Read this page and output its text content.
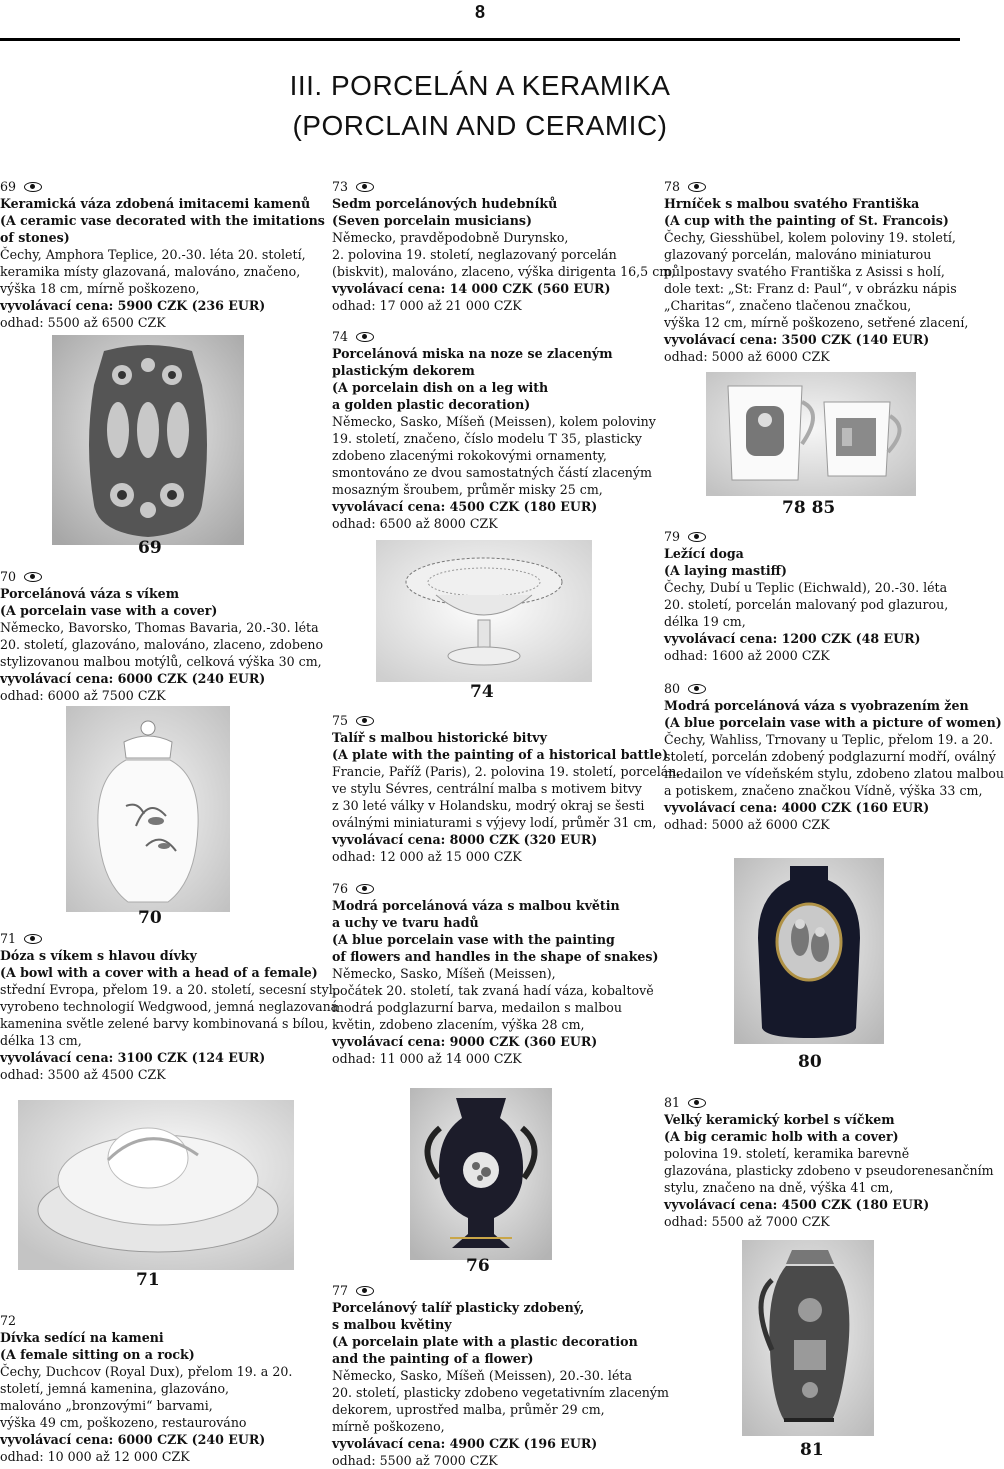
8
III. PORCELÁN A KERAMIKA
(PORCLAIN AND CERAMIC)
69
Keramická váza zdobená imitacemi kamenů
(A ceramic vase decorated with the imitations
of stones)
Čechy, Amphora Teplice, 20.-30. léta 20. století,
keramika místy glazovaná, malováno, značeno,
výška 18 cm, mírně poškozeno,
vyvolávací cena: 5900 CZK (236 EUR)
odhad: 5500 až 6500 CZK
69
70
Porcelánová váza s víkem
(A porcelain vase with a cover)
Německo, Bavorsko, Thomas Bavaria, 20.-30. léta
20. století, glazováno, malováno, zlaceno, zdobeno
stylizovanou malbou motýlů, celková výška 30 cm,
vyvolávací cena: 6000 CZK (240 EUR)
odhad: 6000 až 7500 CZK
70
71
Dóza s víkem s hlavou dívky
(A bowl with a cover with a head of a female)
střední Evropa, přelom 19. a 20. století, secesní styl,
vyrobeno technologií Wedgwood, jemná neglazovaná
kamenina světle zelené barvy kombinovaná s bílou,
délka 13 cm,
vyvolávací cena: 3100 CZK (124 EUR)
odhad: 3500 až 4500 CZK
71
72
Dívka sedící na kameni
(A female sitting on a rock)
Čechy, Duchcov (Royal Dux), přelom 19. a 20.
století, jemná kamenina, glazováno,
malováno „bronzovými“ barvami,
výška 49 cm, poškozeno, restaurováno
vyvolávací cena: 6000 CZK (240 EUR)
odhad: 10 000 až 12 000 CZK
73
Sedm porcelánových hudebníků
(Seven porcelain musicians)
Německo, pravděpodobně Durynsko,
2. polovina 19. století, neglazovaný porcelán
(biskvit), malováno, zlaceno, výška dirigenta 16,5 cm,
vyvolávací cena: 14 000 CZK (560 EUR)
odhad: 17 000 až 21 000 CZK
74
Porcelánová miska na noze se zlaceným
plastickým dekorem
(A porcelain dish on a leg with
a golden plastic decoration)
Německo, Sasko, Míšeň (Meissen), kolem poloviny
19. století, značeno, číslo modelu T 35, plasticky
zdobeno zlacenými rokokovými ornamenty,
smontováno ze dvou samostatných částí zlaceným
mosazným šroubem, průměr misky 25 cm,
vyvolávací cena: 4500 CZK (180 EUR)
odhad: 6500 až 8000 CZK
74
75
Talíř s malbou historické bitvy
(A plate with the painting of a historical battle)
Francie, Paříž (Paris), 2. polovina 19. století, porcelán,
ve stylu Sévres, centrální malba s motivem bitvy
z 30 leté války v Holandsku, modrý okraj se šesti
oválnými miniaturami s výjevy lodí, průměr 31 cm,
vyvolávací cena: 8000 CZK (320 EUR)
odhad: 12 000 až 15 000 CZK
76
Modrá porcelánová váza s malbou květin
a uchy ve tvaru hadů
(A blue porcelain vase with the painting
of flowers and handles in the shape of snakes)
Německo, Sasko, Míšeň (Meissen),
počátek 20. století, tak zvaná hadí váza, kobaltově
modrá podglazurní barva, medailon s malbou
květin, zdobeno zlacením, výška 28 cm,
vyvolávací cena: 9000 CZK (360 EUR)
odhad: 11 000 až 14 000 CZK
76
77
Porcelánový talíř plasticky zdobený,
s malbou květiny
(A porcelain plate with a plastic decoration
and the painting of a flower)
Německo, Sasko, Míšeň (Meissen), 20.-30. léta
20. století, plasticky zdobeno vegetativním zlaceným
dekorem, uprostřed malba, průměr 29 cm,
mírně poškozeno,
vyvolávací cena: 4900 CZK (196 EUR)
odhad: 5500 až 7000 CZK
78
Hrníček s malbou svatého Františka
(A cup with the painting of St. Francois)
Čechy, Giesshübel, kolem poloviny 19. století,
glazovaný porcelán, malováno miniaturou
půlpostavy svatého Františka z Asissi s holí,
dole text: „St: Franz d: Paul“, v obrázku nápis
„Charitas“, značeno tlačenou značkou,
výška 12 cm, mírně poškozeno, setřené zlacení,
vyvolávací cena: 3500 CZK (140 EUR)
odhad: 5000 až 6000 CZK
78 85
79
Ležící doga
(A laying mastiff)
Čechy, Dubí u Teplic (Eichwald), 20.-30. léta
20. století, porcelán malovaný pod glazurou,
délka 19 cm,
vyvolávací cena: 1200 CZK (48 EUR)
odhad: 1600 až 2000 CZK
80
Modrá porcelánová váza s vyobrazením žen
(A blue porcelain vase with a picture of women)
Čechy, Wahliss, Trnovany u Teplic, přelom 19. a 20.
století, porcelán zdobený podglazurní modří, oválný
medailon ve vídeňském stylu, zdobeno zlatou malbou
a potiskem, značeno značkou Vídně, výška 33 cm,
vyvolávací cena: 4000 CZK (160 EUR)
odhad: 5000 až 6000 CZK
80
81
Velký keramický korbel s víčkem
(A big ceramic holb with a cover)
polovina 19. století, keramika barevně
glazována, plasticky zdobeno v pseudorenesančním
stylu, značeno na dně, výška 41 cm,
vyvolávací cena: 4500 CZK (180 EUR)
odhad: 5500 až 7000 CZK
81
